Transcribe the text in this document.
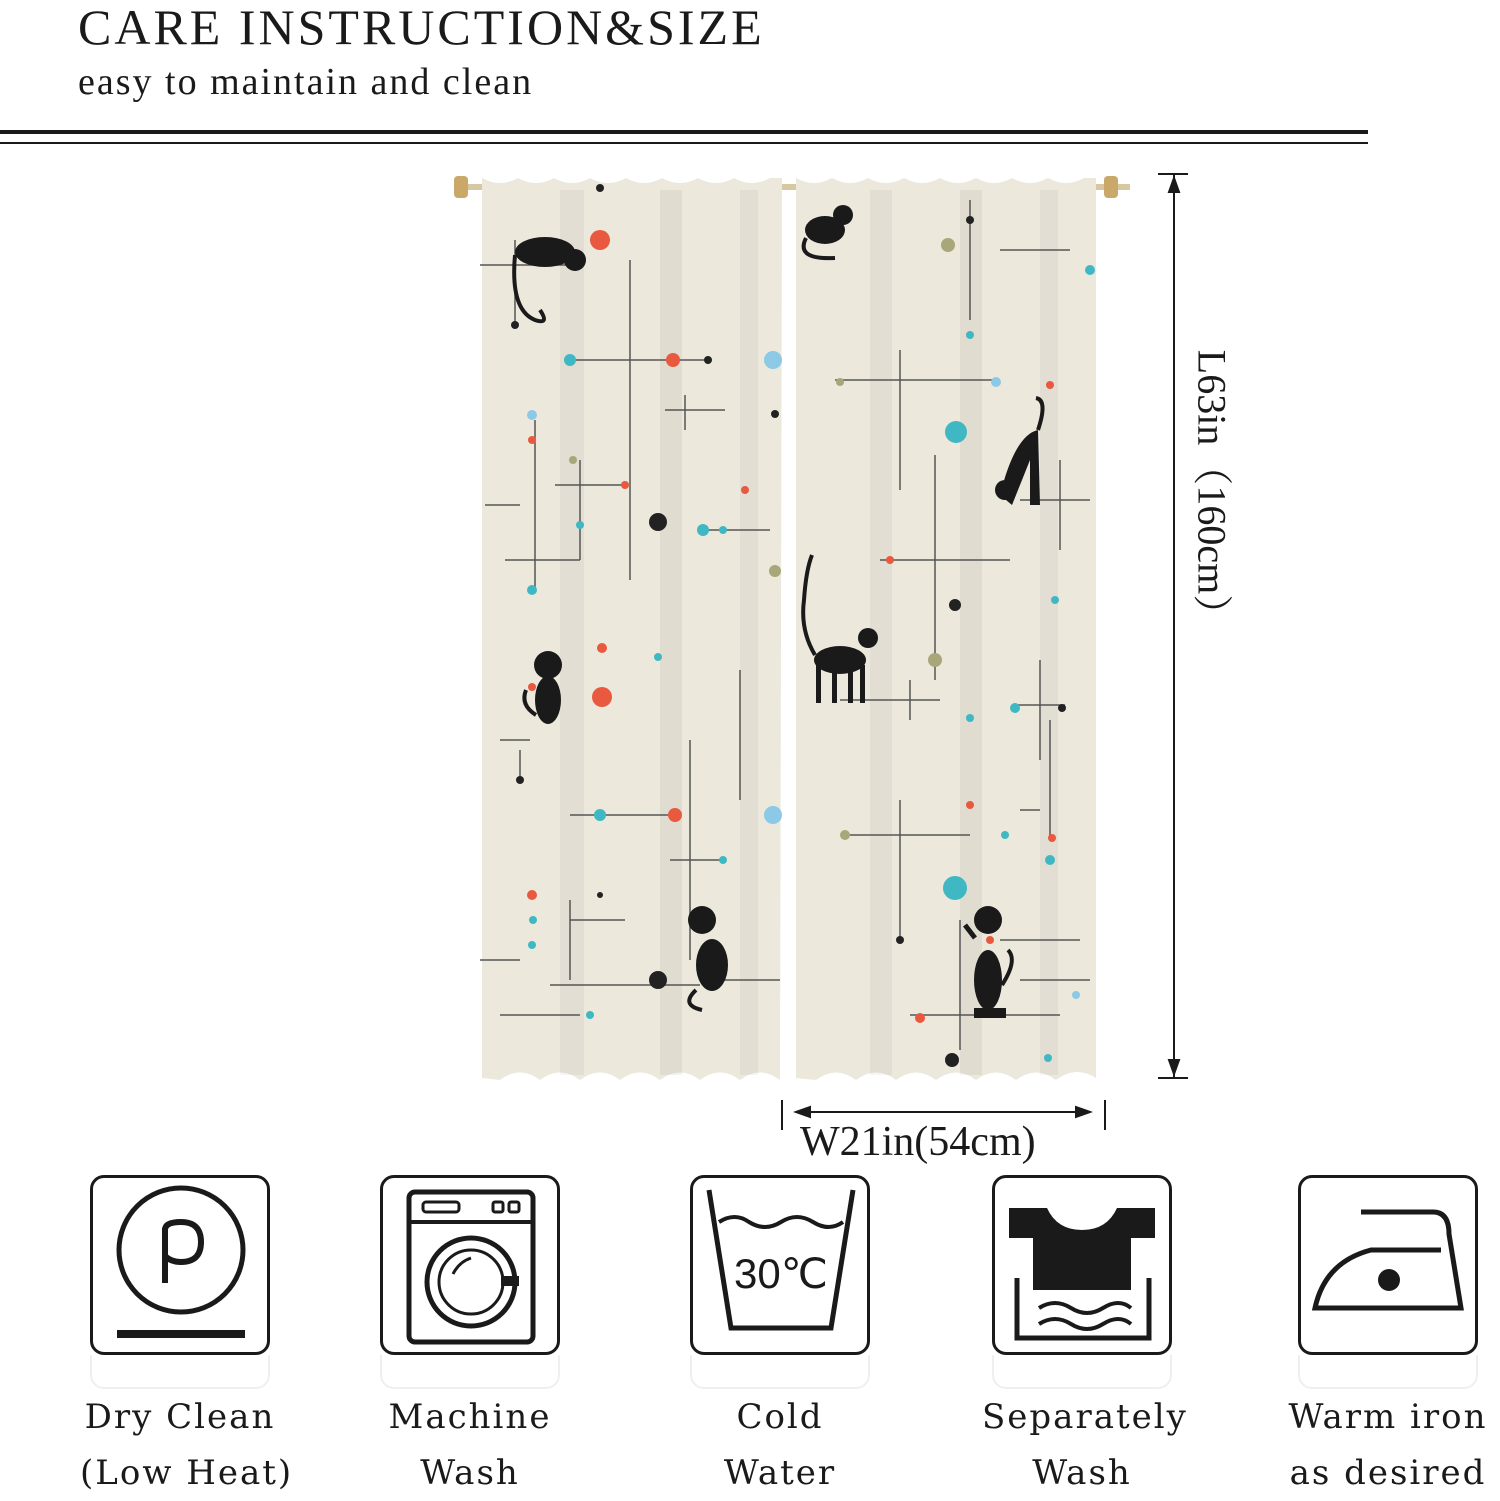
CARE INSTRUCTION&SIZE

easy to maintain and clean

L63in（160cm）
W21in(54cm)
Dry Clean
(Low Heat)
Machine
Wash
30℃
Cold
Water
Separately
Wash
Warm iron
as desired
